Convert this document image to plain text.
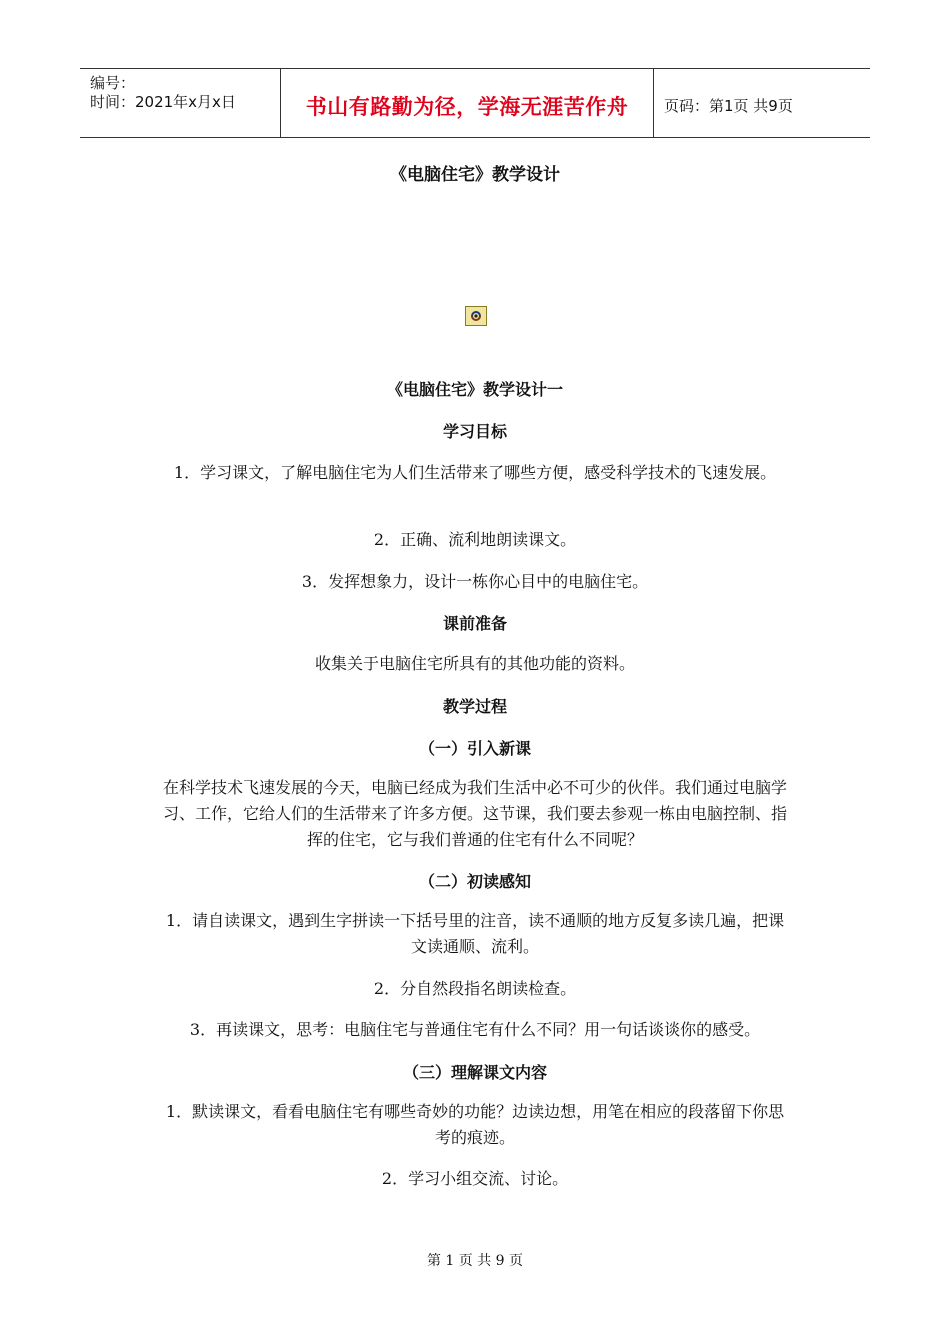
编号：
时间：2021年x月x日	书山有路勤为径，学海无涯苦作舟	页码：第1页 共9页
《电脑住宅》教学设计
《电脑住宅》教学设计一
学习目标
1．学习课文，了解电脑住宅为人们生活带来了哪些方便，感受科学技术的飞速发展。
2．正确、流利地朗读课文。
3．发挥想象力，设计一栋你心目中的电脑住宅。
课前准备
收集关于电脑住宅所具有的其他功能的资料。
教学过程
（一）引入新课
在科学技术飞速发展的今天，电脑已经成为我们生活中必不可少的伙伴。我们通过电脑学习、工作，它给人们的生活带来了许多方便。这节课，我们要去参观一栋由电脑控制、指挥的住宅，它与我们普通的住宅有什么不同呢？
（二）初读感知
1．请自读课文，遇到生字拼读一下括号里的注音，读不通顺的地方反复多读几遍，把课文读通顺、流利。
2．分自然段指名朗读检查。
3．再读课文，思考：电脑住宅与普通住宅有什么不同？用一句话谈谈你的感受。
（三）理解课文内容
1．默读课文，看看电脑住宅有哪些奇妙的功能？边读边想，用笔在相应的段落留下你思考的痕迹。
2．学习小组交流、讨论。
第 1 页 共 9 页
